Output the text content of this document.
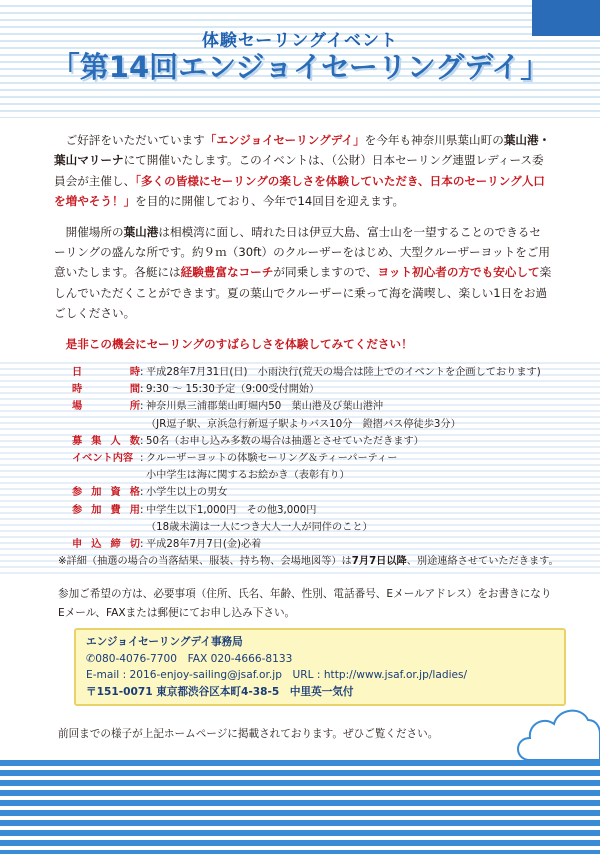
体験セーリングイベント
「第14回エンジョイセーリングデイ」

ご好評をいただいています「エンジョイセーリングデイ」を今年も神奈川県葉山町の葉山港・葉山マリーナにて開催いたします。このイベントは、（公財）日本セーリング連盟レディース委員会が主催し、「多くの皆様にセーリングの楽しさを体験していただき、日本のセーリング人口を増やそう！」を目的に開催しており、今年で14回目を迎えます。

開催場所の葉山港は相模湾に面し、晴れた日は伊豆大島、富士山を一望することのできるセーリングの盛んな所です。約９ｍ（30ft）のクルーザーをはじめ、大型クルーザーヨットをご用意いたします。各艇には経験豊富なコーチが同乗しますので、ヨット初心者の方でも安心して楽しんでいただくことができます。夏の葉山でクルーザーに乗って海を満喫し、楽しい1日をお過ごしください。

是非この機会にセーリングのすばらしさを体験してみてください！

日	時 : 平成28年7月31日(日)　小雨決行(荒天の場合は陸上でのイベントを企画しております)
時	間 : 9:30 ～ 15:30予定（9:00受付開始）
場	所 : 神奈川県三浦郡葉山町堀内50　葉山港及び葉山港沖
（JR逗子駅、京浜急行新逗子駅よりバス10分　鐙摺バス停徒歩3分）
募 集 人 数 : 50名（お申し込み多数の場合は抽選とさせていただきます）
イベント内容 : クルーザーヨットの体験セーリング＆ティーパーティー
小中学生は海に関するお絵かき（表彰有り）
参 加 資 格 : 小学生以上の男女
参 加 費 用 : 中学生以下1,000円　その他3,000円
（18歳未満は一人につき大人一人が同伴のこと）
申 込 締 切 : 平成28年7月7日(金)必着
※詳細（抽選の場合の当落結果、服装、持ち物、会場地図等）は7月7日以降、別途連絡させていただきます。
参加ご希望の方は、必要事項（住所、氏名、年齢、性別、電話番号、Eメールアドレス）をお書きになりEメール、FAXまたは郵便にてお申し込み下さい。
エンジョイセーリングデイ事務局
✆080-4076-7700　FAX 020-4666-8133
E-mail : 2016-enjoy-sailing@jsaf.or.jp　URL : http://www.jsaf.or.jp/ladies/
〒151-0071 東京都渋谷区本町4-38-5　中里英一気付
前回までの様子が上記ホームページに掲載されております。ぜひご覧ください。
